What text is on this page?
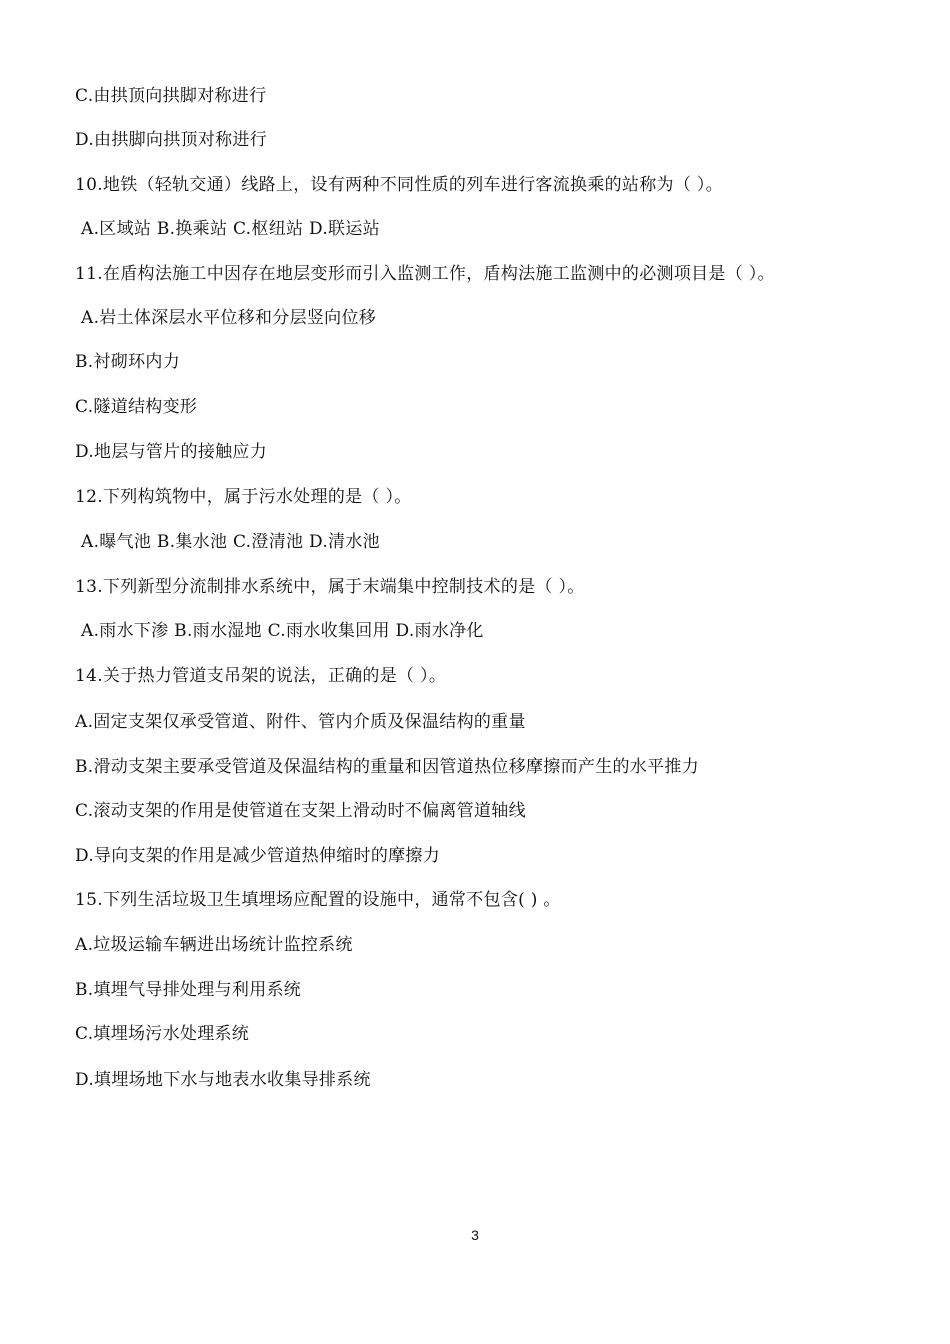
C.由拱顶向拱脚对称进行
D.由拱脚向拱顶对称进行
10.地铁（轻轨交通）线路上，设有两种不同性质的列车进行客流换乘的站称为（ ）。
A.区域站 B.换乘站 C.枢纽站 D.联运站
11.在盾构法施工中因存在地层变形而引入监测工作，盾构法施工监测中的必测项目是（ ）。
A.岩土体深层水平位移和分层竖向位移
B.衬砌环内力
C.隧道结构变形
D.地层与管片的接触应力
12.下列构筑物中，属于污水处理的是（ ）。
A.曝气池 B.集水池 C.澄清池 D.清水池
13.下列新型分流制排水系统中，属于末端集中控制技术的是（ ）。
A.雨水下渗 B.雨水湿地 C.雨水收集回用 D.雨水净化
14.关于热力管道支吊架的说法，正确的是（ ）。
A.固定支架仅承受管道、附件、管内介质及保温结构的重量
B.滑动支架主要承受管道及保温结构的重量和因管道热位移摩擦而产生的水平推力
C.滚动支架的作用是使管道在支架上滑动时不偏离管道轴线
D.导向支架的作用是减少管道热伸缩时的摩擦力
15.下列生活垃圾卫生填埋场应配置的设施中，通常不包含( ) 。
A.垃圾运输车辆进出场统计监控系统
B.填埋气导排处理与利用系统
C.填埋场污水处理系统
D.填埋场地下水与地表水收集导排系统
3
